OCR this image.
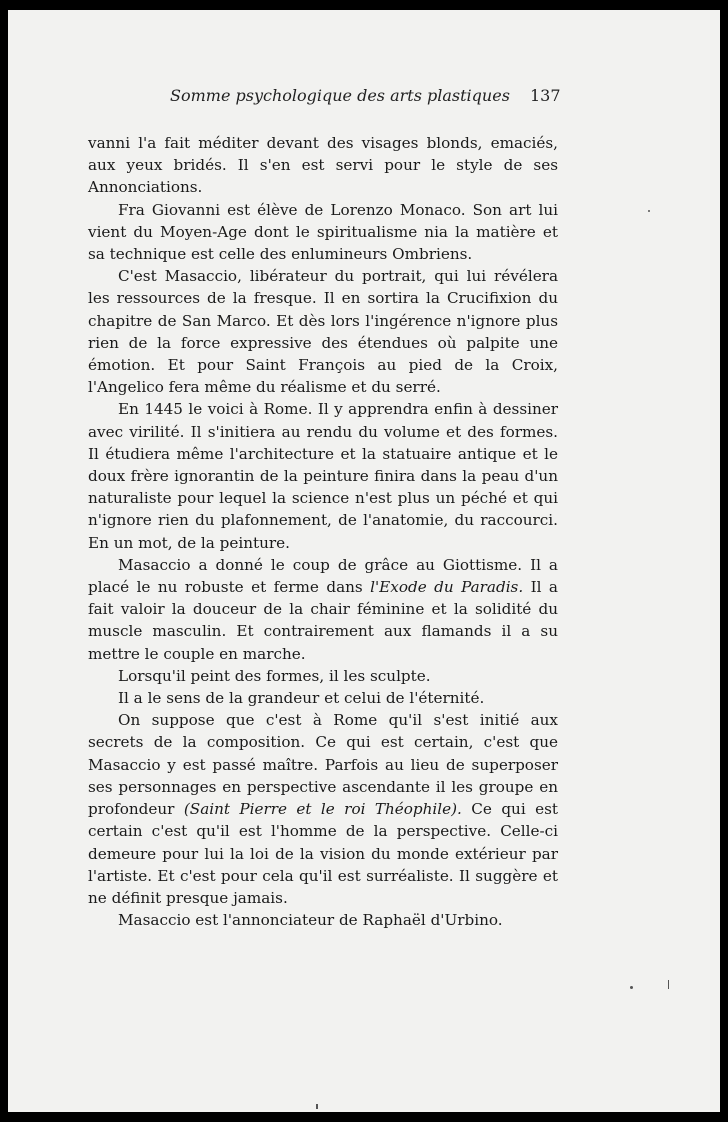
Somme psychologique des arts plastiques 137

vanni l'a fait méditer devant des visages blonds, emaciés, aux yeux bridés. Il s'en est servi pour le style de ses Annonciations.

Fra Giovanni est élève de Lorenzo Monaco. Son art lui vient du Moyen-Age dont le spiritualisme nia la matière et sa technique est celle des enlumineurs Ombriens.

C'est Masaccio, libérateur du portrait, qui lui révélera les ressources de la fresque. Il en sortira la Crucifixion du chapitre de San Marco. Et dès lors l'ingérence n'ignore plus rien de la force expressive des étendues où palpite une émotion. Et pour Saint François au pied de la Croix, l'Angelico fera même du réalisme et du serré.

En 1445 le voici à Rome. Il y apprendra enfin à dessiner avec virilité. Il s'initiera au rendu du volume et des formes. Il étudiera même l'architecture et la statuaire antique et le doux frère ignorantin de la peinture finira dans la peau d'un naturaliste pour lequel la science n'est plus un péché et qui n'ignore rien du plafonnement, de l'anatomie, du raccourci. En un mot, de la peinture.

Masaccio a donné le coup de grâce au Giottisme. Il a placé le nu robuste et ferme dans l'Exode du Paradis. Il a fait valoir la douceur de la chair féminine et la solidité du muscle masculin. Et contrairement aux flamands il a su mettre le couple en marche.

Lorsqu'il peint des formes, il les sculpte.

Il a le sens de la grandeur et celui de l'éternité.

On suppose que c'est à Rome qu'il s'est initié aux secrets de la composition. Ce qui est certain, c'est que Masaccio y est passé maître. Parfois au lieu de superposer ses personnages en perspective ascendante il les groupe en profondeur (Saint Pierre et le roi Théophile). Ce qui est certain c'est qu'il est l'homme de la perspective. Celle-ci demeure pour lui la loi de la vision du monde extérieur par l'artiste. Et c'est pour cela qu'il est surréaliste. Il suggère et ne définit presque jamais.

Masaccio est l'annonciateur de Raphaël d'Urbino.
